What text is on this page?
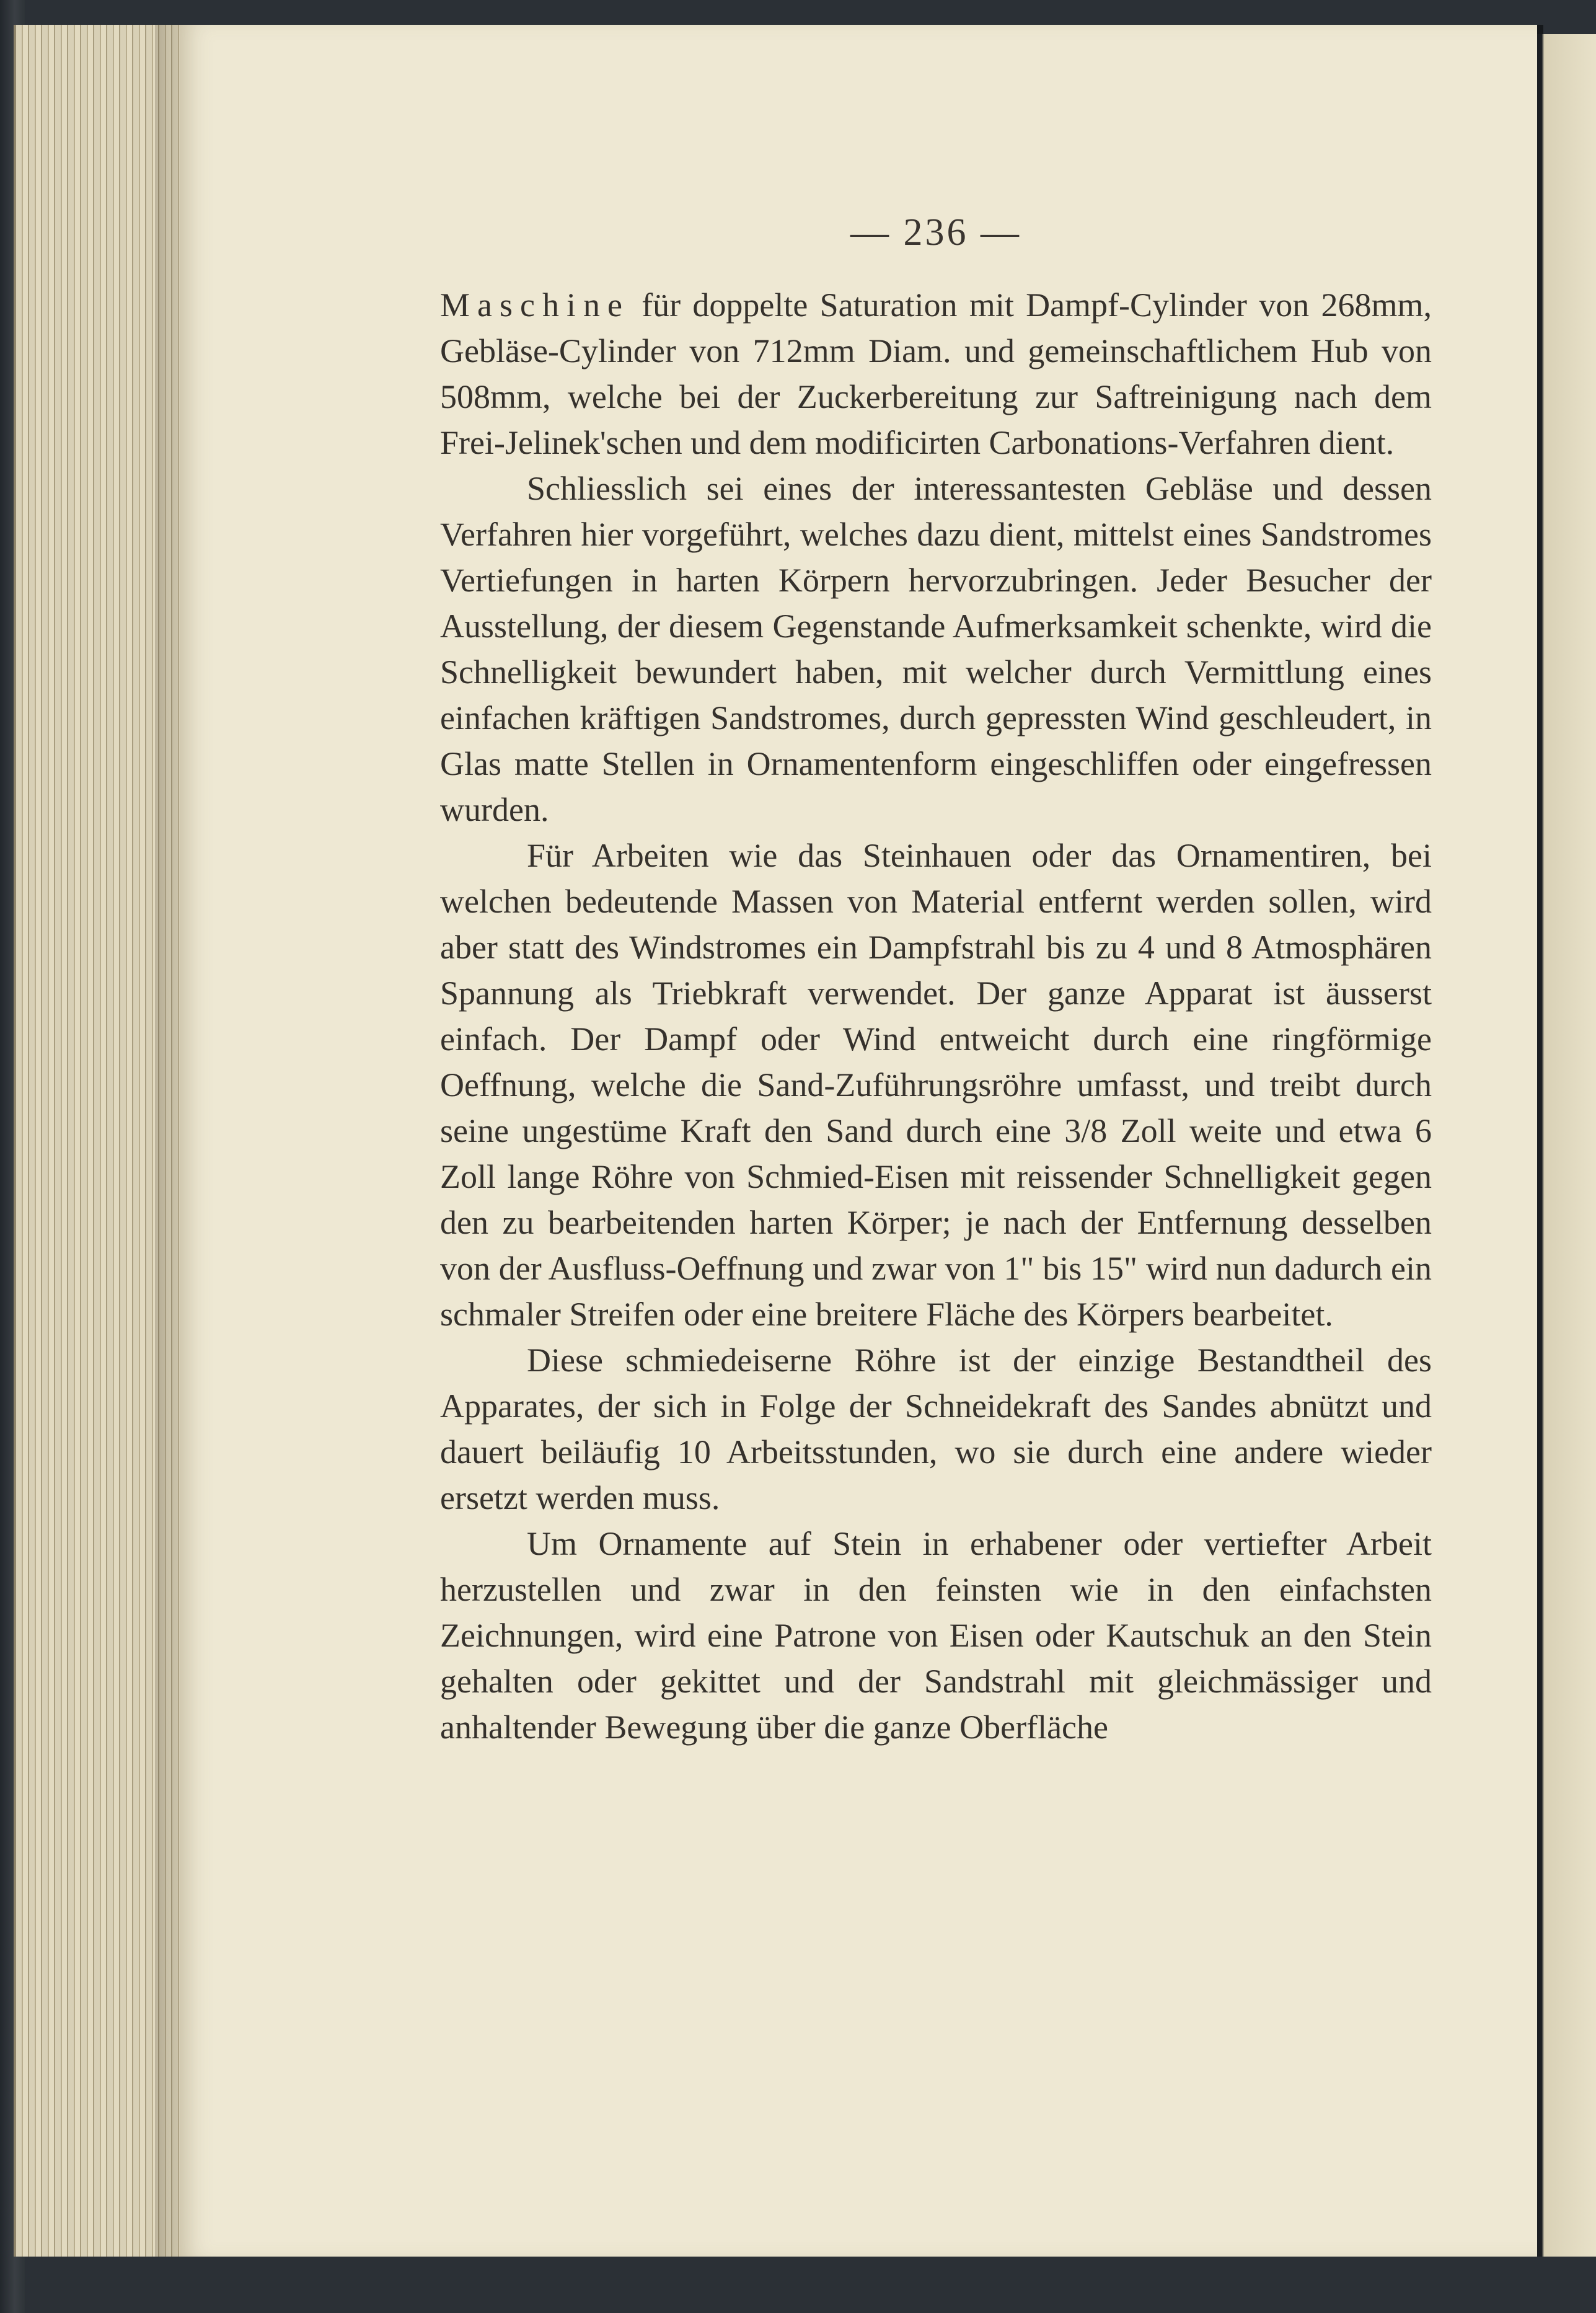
— 236 —

Maschine für doppelte Saturation mit Dampf-Cylinder von 268mm, Gebläse-Cylinder von 712mm Diam. und gemeinschaftlichem Hub von 508mm, welche bei der Zuckerbereitung zur Saftreinigung nach dem Frei-Jelinek'schen und dem modificirten Carbonations-Verfahren dient.

Schliesslich sei eines der interessantesten Gebläse und dessen Verfahren hier vorgeführt, welches dazu dient, mittelst eines Sandstromes Vertiefungen in harten Körpern hervorzubringen. Jeder Besucher der Ausstellung, der diesem Gegenstande Aufmerksamkeit schenkte, wird die Schnelligkeit bewundert haben, mit welcher durch Vermittlung eines einfachen kräftigen Sandstromes, durch gepressten Wind geschleudert, in Glas matte Stellen in Ornamentenform eingeschliffen oder eingefressen wurden.

Für Arbeiten wie das Steinhauen oder das Ornamentiren, bei welchen bedeutende Massen von Material entfernt werden sollen, wird aber statt des Windstromes ein Dampfstrahl bis zu 4 und 8 Atmosphären Spannung als Triebkraft verwendet. Der ganze Apparat ist äusserst einfach. Der Dampf oder Wind entweicht durch eine ringförmige Oeffnung, welche die Sand-Zuführungsröhre umfasst, und treibt durch seine ungestüme Kraft den Sand durch eine 3/8 Zoll weite und etwa 6 Zoll lange Röhre von Schmied-Eisen mit reissender Schnelligkeit gegen den zu bearbeitenden harten Körper; je nach der Entfernung desselben von der Ausfluss-Oeffnung und zwar von 1" bis 15" wird nun dadurch ein schmaler Streifen oder eine breitere Fläche des Körpers bearbeitet.

Diese schmiedeiserne Röhre ist der einzige Bestandtheil des Apparates, der sich in Folge der Schneidekraft des Sandes abnützt und dauert beiläufig 10 Arbeitsstunden, wo sie durch eine andere wieder ersetzt werden muss.

Um Ornamente auf Stein in erhabener oder vertiefter Arbeit herzustellen und zwar in den feinsten wie in den einfachsten Zeichnungen, wird eine Patrone von Eisen oder Kautschuk an den Stein gehalten oder gekittet und der Sandstrahl mit gleichmässiger und anhaltender Bewegung über die ganze Oberfläche
